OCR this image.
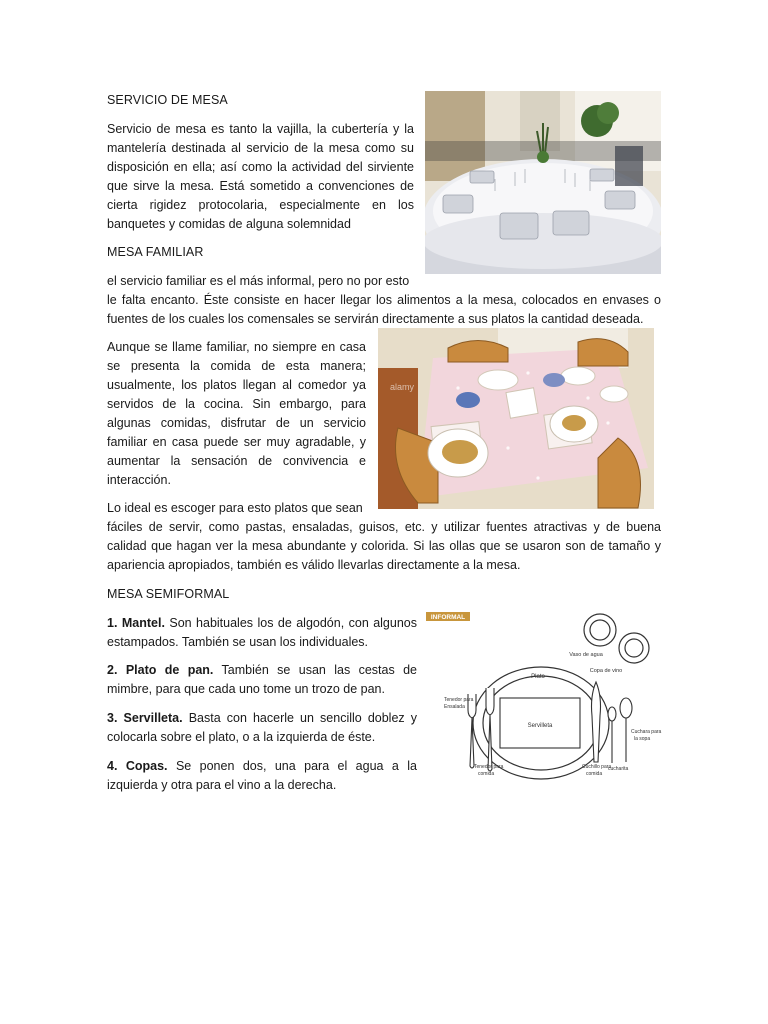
SERVICIO DE MESA
Servicio de mesa es tanto la vajilla, la cubertería y la mantelería destinada al servicio de la mesa como su disposición en ella; así como la actividad del sirviente que sirve la mesa. Está sometido a convenciones de cierta rigidez protocolaria, especialmente en los banquetes y comidas de alguna solemnidad
MESA FAMILIAR
el servicio familiar es el más informal, pero no por esto
le falta encanto. Éste consiste en hacer llegar los alimentos a la mesa, colocados en envases o fuentes de los cuales los comensales se servirán directamente a sus platos la cantidad deseada.
Aunque se llame familiar, no siempre en casa se presenta la comida de esta manera; usualmente, los platos llegan al comedor ya servidos de la cocina. Sin embargo, para algunas comidas, disfrutar de un servicio familiar en casa puede ser muy agradable, y aumentar la sensación de convivencia e interacción.
alamy
Lo ideal es escoger para esto platos que sean
fáciles de servir, como pastas, ensaladas, guisos, etc. y utilizar fuentes atractivas y de buena calidad que hagan ver la mesa abundante y colorida. Si las ollas que se usaron son de tamaño y apariencia apropiados, también es válido llevarlas directamente a la mesa.
MESA SEMIFORMAL
1. Mantel. Son habituales los de algodón, con algunos estampados. También se usan los individuales.
2. Plato de pan. También se usan las cestas de mimbre, para que cada uno tome un trozo de pan.
3. Servilleta. Basta con hacerle un sencillo doblez y colocarla sobre el plato, o a la izquierda de éste.
4. Copas. Se ponen dos, una para el agua a la izquierda y otra para el vino a la derecha.
INFORMAL
Vaso de agua
Copa de vino
Plato
Servilleta
Tenedor para
Ensalada
Tenedor para
comida
Cuchillo para
comida
cucharita
Cuchara para
la sopa
